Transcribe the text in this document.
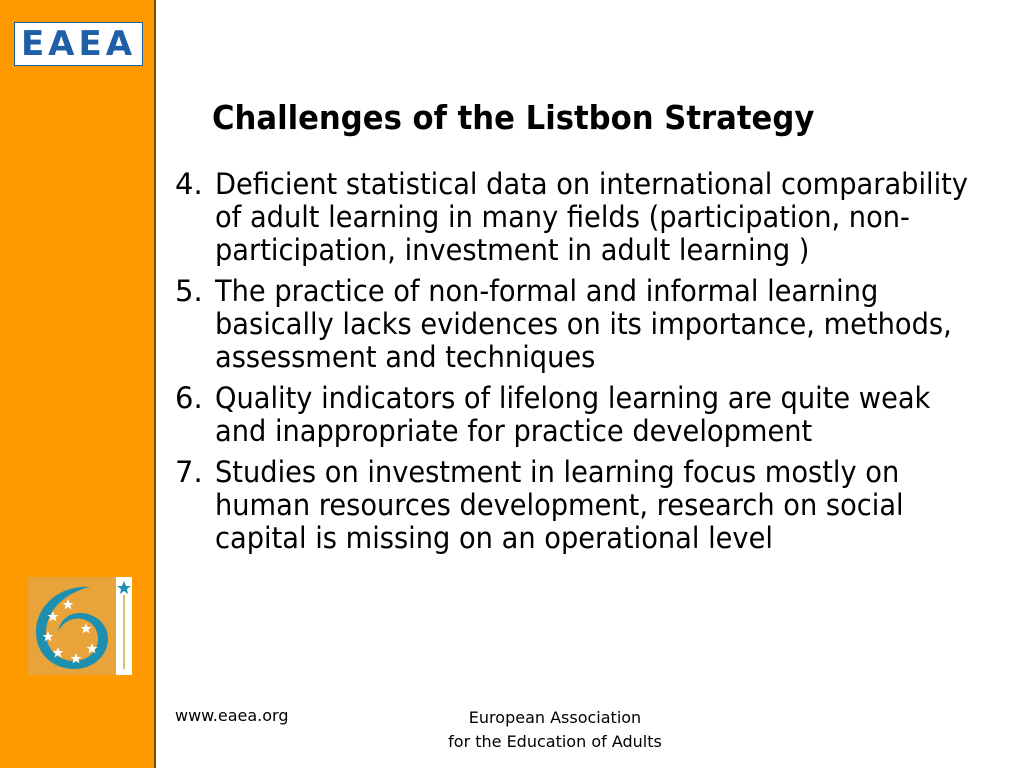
EAEA
Challenges of the Listbon Strategy
4. Deficient statistical data on international comparability of adult learning in many fields (participation, non-participation, investment in adult learning )
5. The practice of non-formal and informal learning basically lacks evidences on its importance, methods, assessment and techniques
6. Quality indicators of lifelong learning are quite weak and inappropriate for practice development
7. Studies on investment in learning focus mostly on human resources development, research on social capital is missing on an operational level
www.eaea.org	European Association
for the Education of Adults
